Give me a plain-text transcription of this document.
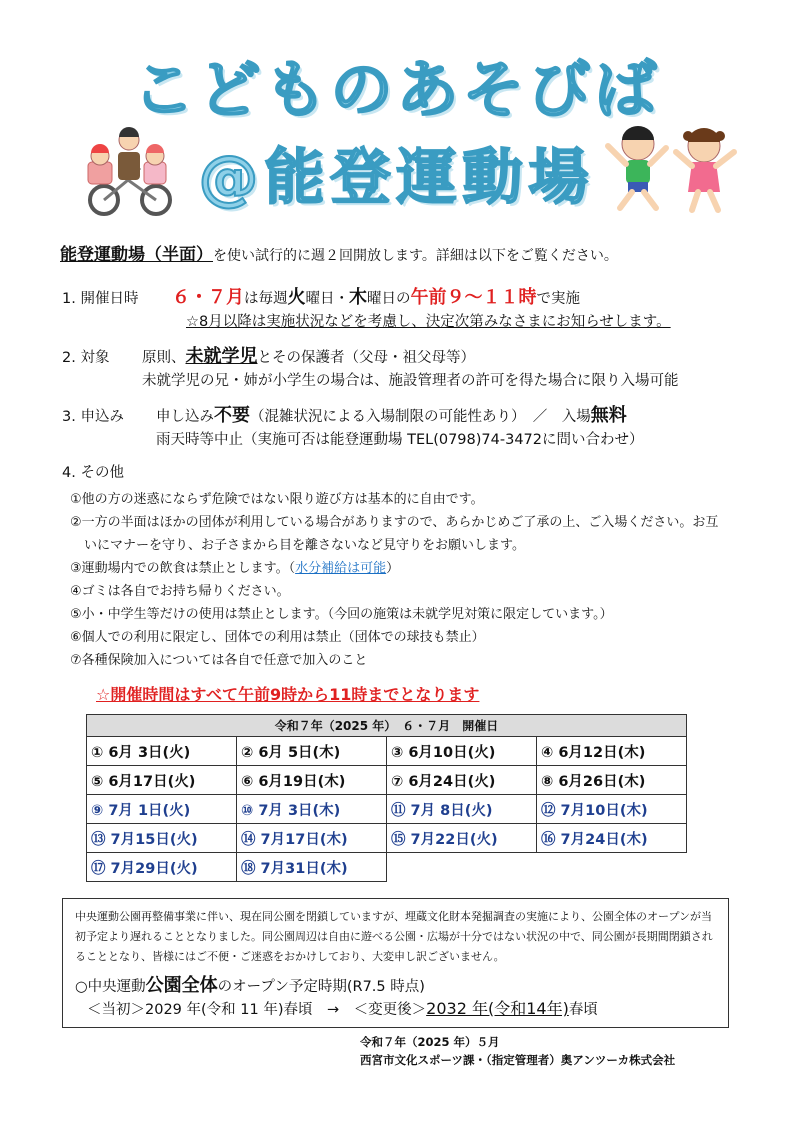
こどものあそびば
@能登運動場
能登運動場（半面）を使い試行的に週２回開放します。詳細は以下をご覧ください。
1. 開催日時 ６・７月は毎週火曜日・木曜日の午前９～１１時で実施
☆8月以降は実施状況などを考慮し、決定次第みなさまにお知らせします。
2. 対象 原則、未就学児とその保護者（父母・祖父母等）
未就学児の兄・姉が小学生の場合は、施設管理者の許可を得た場合に限り入場可能
3. 申込み 申し込み不要（混雑状況による入場制限の可能性あり）　／　入場無料
雨天時等中止（実施可否は能登運動場 TEL(0798)74-3472に問い合わせ）
4. その他
①他の方の迷惑にならず危険ではない限り遊び方は基本的に自由です。
②一方の半面はほかの団体が利用している場合がありますので、あらかじめご了承の上、ご入場ください。お互いにマナーを守り、お子さまから目を離さないなど見守りをお願いします。
③運動場内での飲食は禁止とします。（水分補給は可能）
④ゴミは各自でお持ち帰りください。
⑤小・中学生等だけの使用は禁止とします。（今回の施策は未就学児対策に限定しています。）
⑥個人での利用に限定し、団体での利用は禁止（団体での球技も禁止）
⑦各種保険加入については各自で任意で加入のこと
☆開催時間はすべて午前9時から11時までとなります
令和７年（2025 年）　６・７月　開催日			
① 6月 3日(火)	② 6月 5日(木)	③ 6月10日(火)	④ 6月12日(木)
⑤ 6月17日(火)	⑥ 6月19日(木)	⑦ 6月24日(火)	⑧ 6月26日(木)
⑨ 7月 1日(火)	⑩ 7月 3日(木)	⑪ 7月 8日(火)	⑫ 7月10日(木)
⑬ 7月15日(火)	⑭ 7月17日(木)	⑮ 7月22日(火)	⑯ 7月24日(木)
⑰ 7月29日(火)	⑱ 7月31日(木)		
中央運動公園再整備事業に伴い、現在同公園を閉鎖していますが、埋蔵文化財本発掘調査の実施により、公園全体のオープンが当初予定より遅れることとなりました。同公園周辺は自由に遊べる公園・広場が十分ではない状況の中で、同公園が長期間閉鎖されることとなり、皆様にはご不便・ご迷惑をおかけしており、大変申し訳ございません。
○中央運動公園全体のオープン予定時期(R7.5 時点)
＜当初＞2029 年(令和 11 年)春頃　→　＜変更後＞2032 年(令和14年)春頃
令和７年（2025 年）５月
西宮市文化スポーツ課・（指定管理者）奥アンツーカ株式会社
